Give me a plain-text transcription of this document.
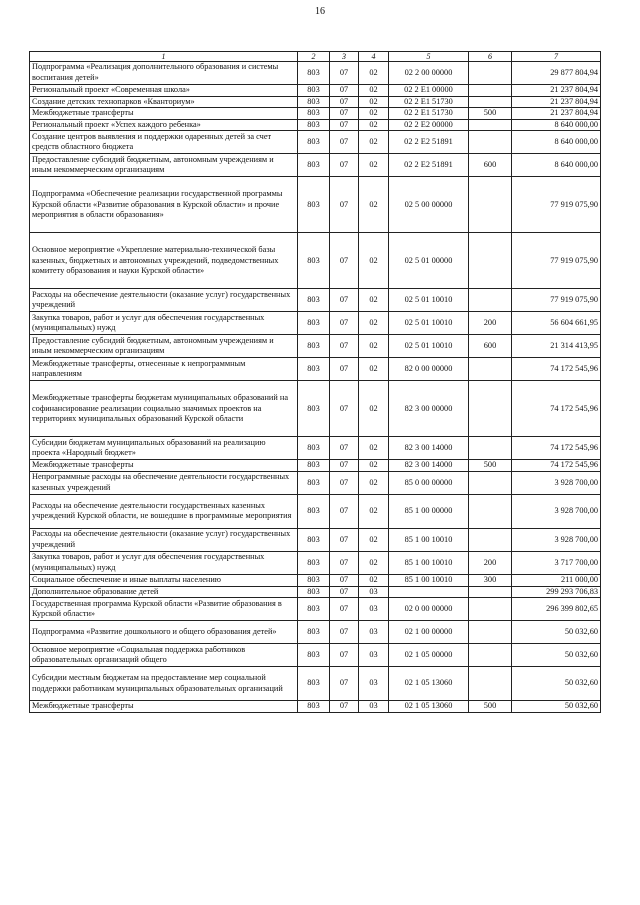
16
1	2	3	4	5	6	7
Подпрограмма «Реализация дополнительного образования и системы воспитания детей»	803	07	02	02 2 00 00000		29 877 804,94
Региональный проект «Современная школа»	803	07	02	02 2 E1 00000		21 237 804,94
Создание детских технопарков «Кванториум»	803	07	02	02 2 E1 51730		21 237 804,94
Межбюджетные трансферты	803	07	02	02 2 E1 51730	500	21 237 804,94
Региональный проект «Успех каждого ребенка»	803	07	02	02 2 E2 00000		8 640 000,00
Создание центров выявления и поддержки одаренных детей за счет средств областного бюджета	803	07	02	02 2 E2 51891		8 640 000,00
Предоставление субсидий бюджетным, автономным учреждениям и иным некоммерческим организациям	803	07	02	02 2 E2 51891	600	8 640 000,00
Подпрограмма «Обеспечение реализации государственной программы Курской области «Развитие образования в Курской области» и прочие мероприятия в области образования»	803	07	02	02 5 00 00000		77 919 075,90
Основное мероприятие «Укрепление материально-технической базы казенных, бюджетных и автономных учреждений, подведомственных комитету образования и науки Курской области»	803	07	02	02 5 01 00000		77 919 075,90
Расходы на обеспечение деятельности (оказание услуг) государственных учреждений	803	07	02	02 5 01 10010		77 919 075,90
Закупка товаров, работ и услуг для обеспечения государственных (муниципальных) нужд	803	07	02	02 5 01 10010	200	56 604 661,95
Предоставление субсидий бюджетным, автономным учреждениям и иным некоммерческим организациям	803	07	02	02 5 01 10010	600	21 314 413,95
Межбюджетные трансферты, отнесенные к непрограммным направлениям	803	07	02	82 0 00 00000		74 172 545,96
Межбюджетные трансферты бюджетам муниципальных образований на софинансирование реализации социально значимых проектов на территориях муниципальных образований Курской области	803	07	02	82 3 00 00000		74 172 545,96
Субсидии бюджетам муниципальных образований на реализацию проекта «Народный бюджет»	803	07	02	82 3 00 14000		74 172 545,96
Межбюджетные трансферты	803	07	02	82 3 00 14000	500	74 172 545,96
Непрограммные расходы на обеспечение деятельности государственных казенных учреждений	803	07	02	85 0 00 00000		3 928 700,00
Расходы на обеспечение деятельности государственных казенных учреждений Курской области, не вошедшие в программные мероприятия	803	07	02	85 1 00 00000		3 928 700,00
Расходы на обеспечение деятельности (оказание услуг) государственных учреждений	803	07	02	85 1 00 10010		3 928 700,00
Закупка товаров, работ и услуг для обеспечения государственных (муниципальных) нужд	803	07	02	85 1 00 10010	200	3 717 700,00
Социальное обеспечение и иные выплаты населению	803	07	02	85 1 00 10010	300	211 000,00
Дополнительное образование детей	803	07	03			299 293 706,83
Государственная программа Курской области «Развитие образования в Курской области»	803	07	03	02 0 00 00000		296 399 802,65
Подпрограмма «Развитие дошкольного и общего образования детей»	803	07	03	02 1 00 00000		50 032,60
Основное мероприятие «Социальная поддержка работников образовательных организаций общего	803	07	03	02 1 05 00000		50 032,60
Субсидии местным бюджетам на предоставление мер социальной поддержки работникам муниципальных образовательных организаций	803	07	03	02 1 05 13060		50 032,60
Межбюджетные трансферты	803	07	03	02 1 05 13060	500	50 032,60
